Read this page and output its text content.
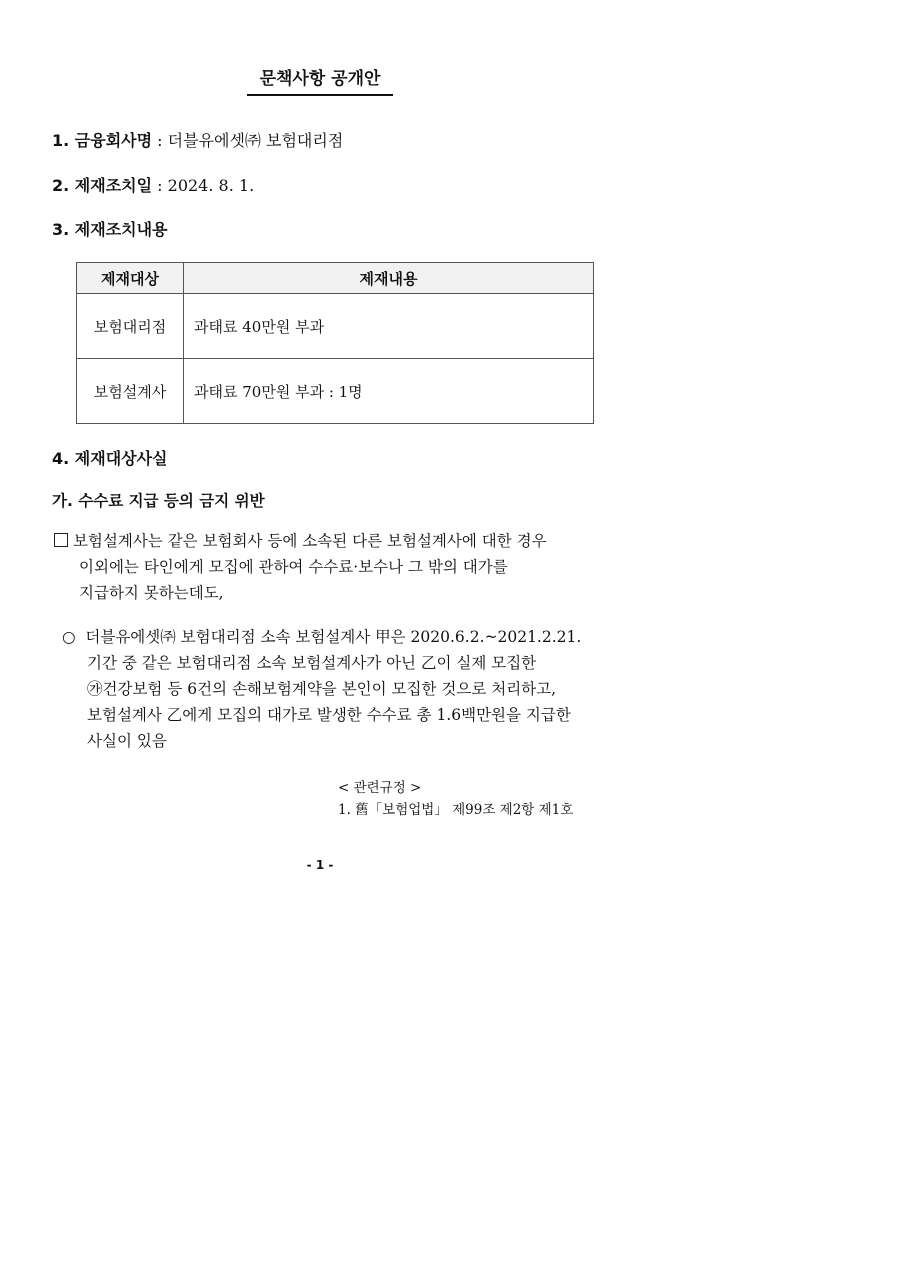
문책사항 공개안
1. 금융회사명 : 더블유에셋㈜ 보험대리점
2. 제재조치일 : 2024. 8. 1.
3. 제재조치내용
제재대상	제재내용
보험대리점	과태료 40만원 부과
보험설계사	과태료 70만원 부과 : 1명
4. 제재대상사실
가. 수수료 지급 등의 금지 위반
보험설계사는 같은 보험회사 등에 소속된 다른 보험설계사에 대한 경우
이외에는 타인에게 모집에 관하여 수수료·보수나 그 밖의 대가를
지급하지 못하는데도,
○ 더블유에셋㈜ 보험대리점 소속 보험설계사 甲은 2020.6.2.~2021.2.21.
기간 중 같은 보험대리점 소속 보험설계사가 아닌 乙이 실제 모집한
㉮건강보험 등 6건의 손해보험계약을 본인이 모집한 것으로 처리하고,
보험설계사 乙에게 모집의 대가로 발생한 수수료 총 1.6백만원을 지급한
사실이 있음
< 관련규정 >
1. 舊「보험업법」 제99조 제2항 제1호
- 1 -
